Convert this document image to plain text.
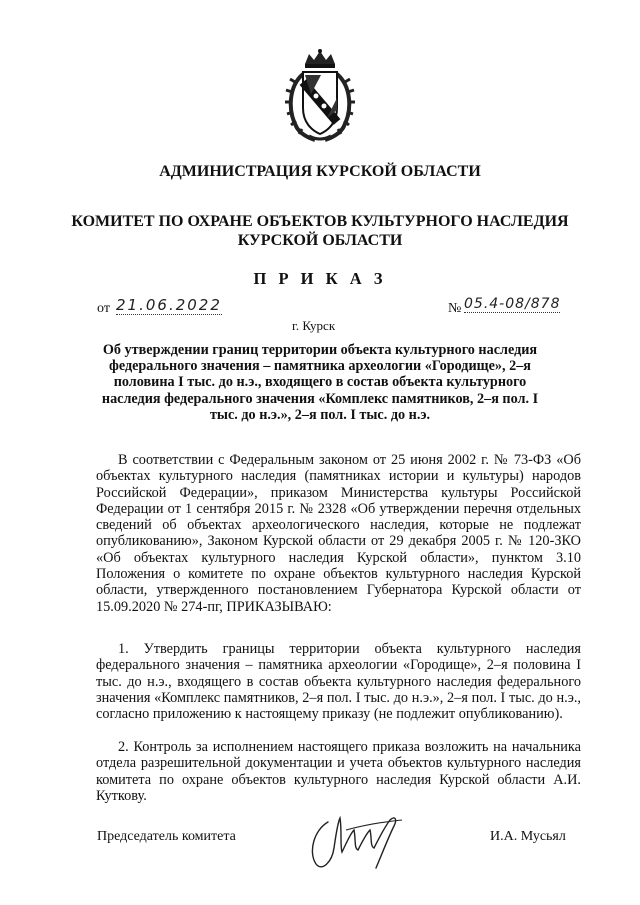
АДМИНИСТРАЦИЯ КУРСКОЙ ОБЛАСТИ
КОМИТЕТ ПО ОХРАНЕ ОБЪЕКТОВ КУЛЬТУРНОГО НАСЛЕДИЯ КУРСКОЙ ОБЛАСТИ
П Р И К А З
от 21.06.2022	№ 05.4-08/878
г. Курск
Об утверждении границ территории объекта культурного наследия федерального значения – памятника археологии «Городище», 2–я половина I тыс. до н.э., входящего в состав объекта культурного наследия федерального значения «Комплекс памятников, 2–я пол. I тыс. до н.э.», 2–я пол. I тыс. до н.э.
В соответствии с Федеральным законом от 25 июня 2002 г. № 73-ФЗ «Об объектах культурного наследия (памятниках истории и культуры) народов Российской Федерации», приказом Министерства культуры Российской Федерации от 1 сентября 2015 г. № 2328 «Об утверждении перечня отдельных сведений об объектах археологического наследия, которые не подлежат опубликованию», Законом Курской области от 29 декабря 2005 г. № 120-ЗКО «Об объектах культурного наследия Курской области», пунктом 3.10 Положения о комитете по охране объектов культурного наследия Курской области, утвержденного постановлением Губернатора Курской области от 15.09.2020 № 274-пг, ПРИКАЗЫВАЮ:
1. Утвердить границы территории объекта культурного наследия федерального значения – памятника археологии «Городище», 2–я половина I тыс. до н.э., входящего в состав объекта культурного наследия федерального значения «Комплекс памятников, 2–я пол. I тыс. до н.э.», 2–я пол. I тыс. до н.э., согласно приложению к настоящему приказу (не подлежит опубликованию).
2. Контроль за исполнением настоящего приказа возложить на начальника отдела разрешительной документации и учета объектов культурного наследия комитета по охране объектов культурного наследия Курской области А.И. Куткову.
Председатель комитета	И.А. Мусьял
